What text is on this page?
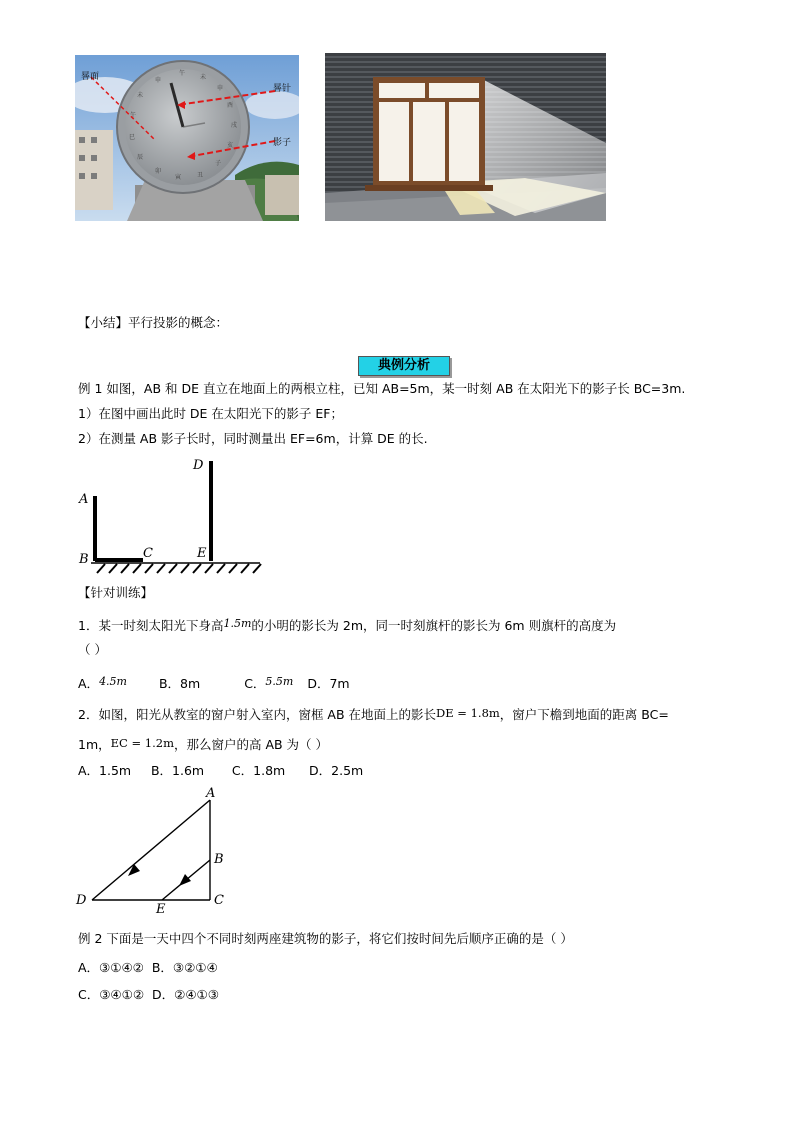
午
未
申
酉
戌
亥
子
丑
寅
卯
辰
巳
午
未
申
晷面
晷针
影子
【小结】平行投影的概念：
典例分析
例 1 如图，AB 和 DE 直立在地面上的两根立柱，已知 AB=5m，某一时刻 AB 在太阳光下的影子长 BC=3m.
1）在图中画出此时 DE 在太阳光下的影子 EF；
2）在测量 AB 影子长时，同时测量出 EF=6m，计算 DE 的长.
A
B	C
D
E
【针对训练】
1．某一时刻太阳光下身高1.5m的小明的影长为 2m，同一时刻旗杆的影长为 6m 则旗杆的高度为
（ ）
A．4.5m	B．8m	C．5.5m D．7m
2．如图，阳光从教室的窗户射入室内，窗框 AB 在地面上的影长DE = 1.8m，窗户下檐到地面的距离 BC=
1m，EC = 1.2m，那么窗户的高 AB 为（ ）
A．1.5m     B．1.6m       C．1.8m      D．2.5m
A
B
C
D
E
例 2 下面是一天中四个不同时刻两座建筑物的影子，将它们按时间先后顺序正确的是（ ）
A．③①④②  B．③②①④
C．③④①②  D．②④①③
